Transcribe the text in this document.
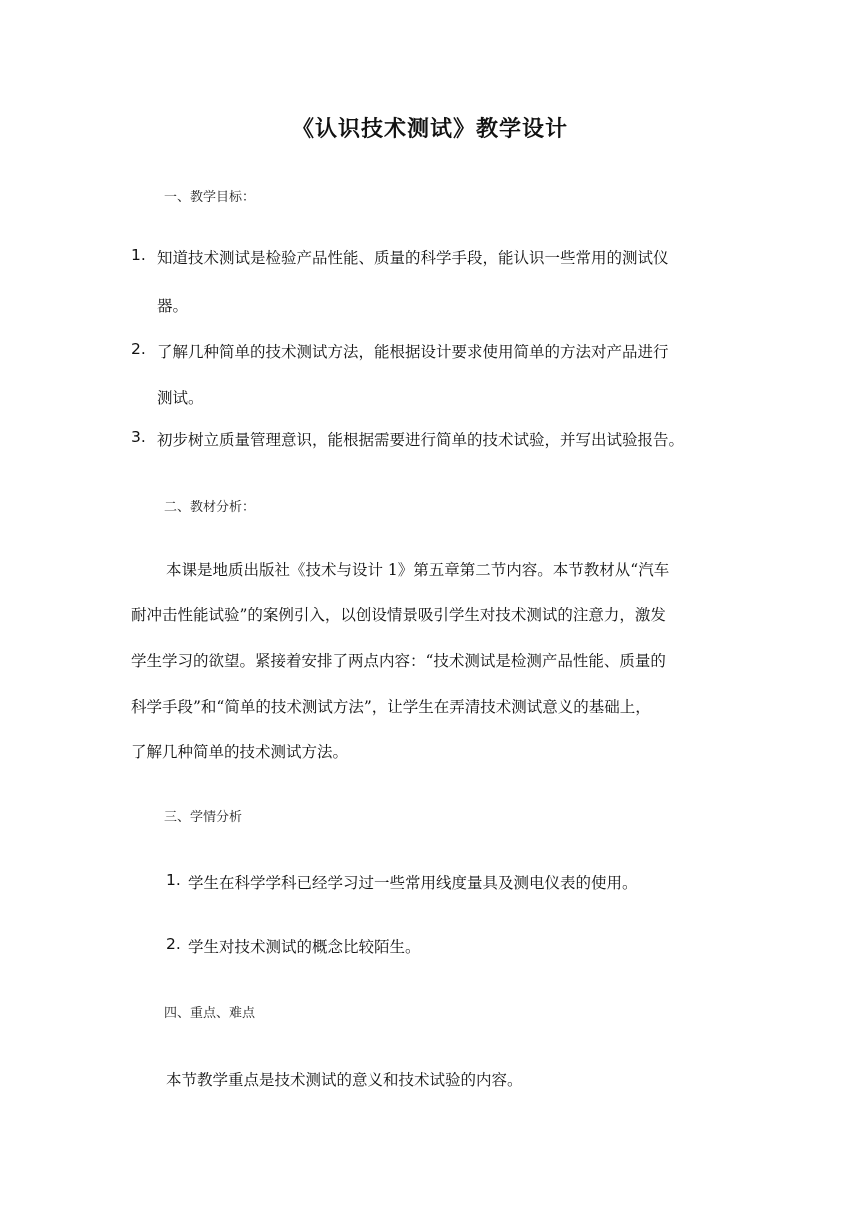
《认识技术测试》教学设计
一、教学目标：
1. 知道技术测试是检验产品性能、质量的科学手段，能认识一些常用的测试仪
器。
2. 了解几种简单的技术测试方法，能根据设计要求使用简单的方法对产品进行
测试。
3. 初步树立质量管理意识，能根据需要进行简单的技术试验，并写出试验报告。
二、教材分析：
本课是地质出版社《技术与设计 1》第五章第二节内容。本节教材从“汽车
耐冲击性能试验”的案例引入，以创设情景吸引学生对技术测试的注意力，激发
学生学习的欲望。紧接着安排了两点内容：“技术测试是检测产品性能、质量的
科学手段”和“简单的技术测试方法”，让学生在弄清技术测试意义的基础上，
了解几种简单的技术测试方法。
三、学情分析
1. 学生在科学学科已经学习过一些常用线度量具及测电仪表的使用。
2. 学生对技术测试的概念比较陌生。
四、重点、难点
本节教学重点是技术测试的意义和技术试验的内容。
